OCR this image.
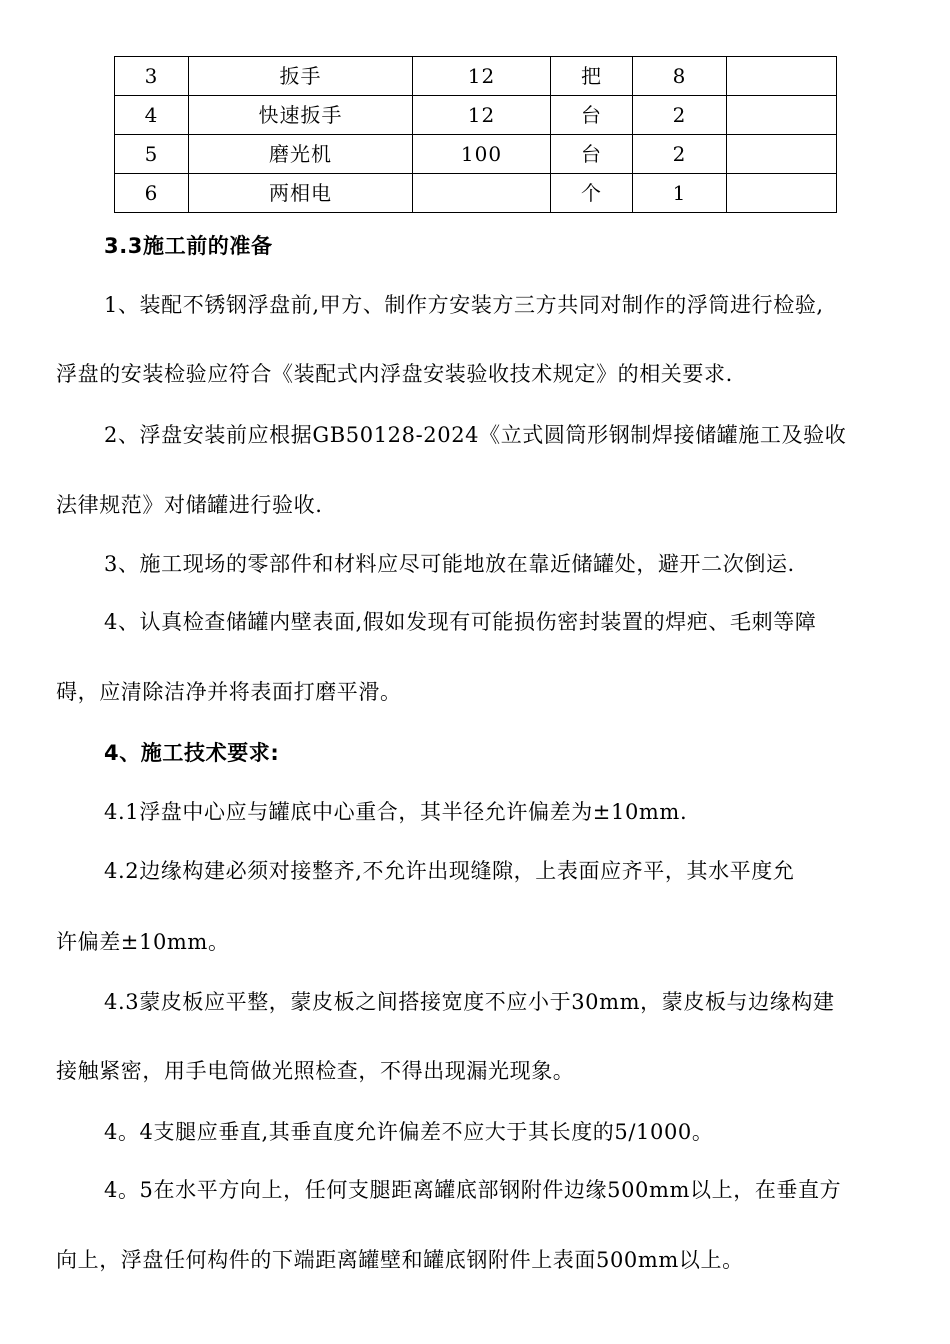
3	扳手	12	把	8	
4	快速扳手	12	台	2	
5	磨光机	100	台	2	
6	两相电		个	1	
3.3施工前的准备
1、装配不锈钢浮盘前,甲方、制作方安装方三方共同对制作的浮筒进行检验,
浮盘的安装检验应符合《装配式内浮盘安装验收技术规定》的相关要求.
2、浮盘安装前应根据GB50128-2024《立式圆筒形钢制焊接储罐施工及验收
法律规范》对储罐进行验收.
3、施工现场的零部件和材料应尽可能地放在靠近储罐处，避开二次倒运.
4、认真检查储罐内壁表面,假如发现有可能损伤密封装置的焊疤、毛刺等障
碍，应清除洁净并将表面打磨平滑。
4、施工技术要求:
4.1浮盘中心应与罐底中心重合，其半径允许偏差为±10mm.
4.2边缘构建必须对接整齐,不允许出现缝隙，上表面应齐平，其水平度允
许偏差±10mm。
4.3蒙皮板应平整，蒙皮板之间搭接宽度不应小于30mm，蒙皮板与边缘构建
接触紧密，用手电筒做光照检查，不得出现漏光现象。
4。4支腿应垂直,其垂直度允许偏差不应大于其长度的5/1000。
4。5在水平方向上，任何支腿距离罐底部钢附件边缘500mm以上，在垂直方
向上，浮盘任何构件的下端距离罐壁和罐底钢附件上表面500mm以上。
